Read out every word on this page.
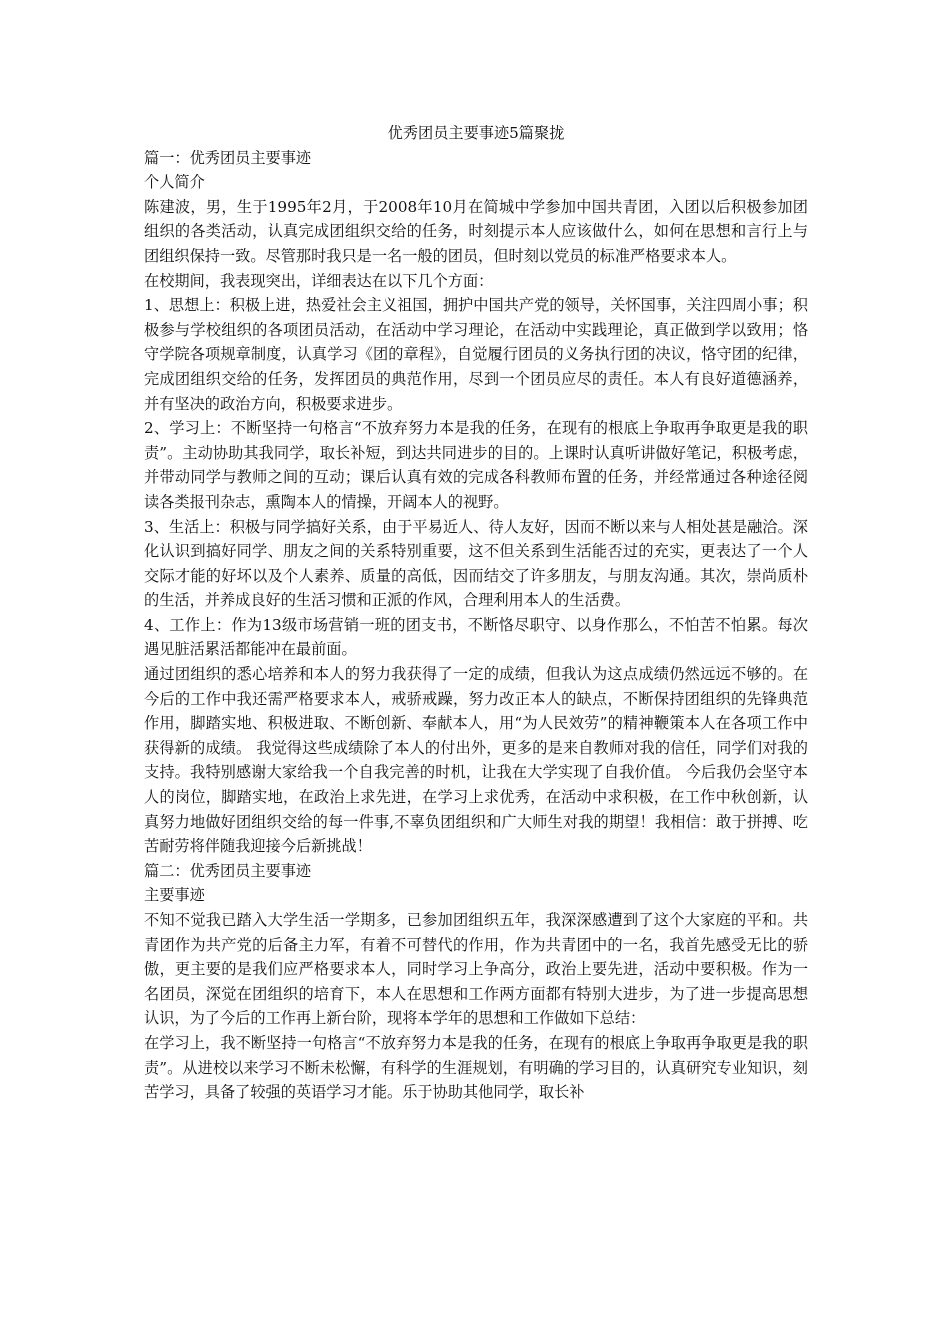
优秀团员主要事迹5篇聚拢

篇一：优秀团员主要事迹

个人简介

陈建波，男，生于1995年2月，于2008年10月在简城中学参加中国共青团，入团以后积极参加团组织的各类活动，认真完成团组织交给的任务，时刻提示本人应该做什么，如何在思想和言行上与团组织保持一致。尽管那时我只是一名一般的团员，但时刻以党员的标准严格要求本人。

在校期间，我表现突出，详细表达在以下几个方面：

1、思想上：积极上进，热爱社会主义祖国，拥护中国共产党的领导，关怀国事，关注四周小事；积极参与学校组织的各项团员活动，在活动中学习理论，在活动中实践理论，真正做到学以致用；恪守学院各项规章制度，认真学习《团的章程》，自觉履行团员的义务执行团的决议，恪守团的纪律，完成团组织交给的任务，发挥团员的典范作用，尽到一个团员应尽的责任。本人有良好道德涵养，并有坚决的政治方向，积极要求进步。

2、学习上：不断坚持一句格言“不放弃努力本是我的任务，在现有的根底上争取再争取更是我的职责”。主动协助其我同学，取长补短，到达共同进步的目的。上课时认真听讲做好笔记，积极考虑，并带动同学与教师之间的互动；课后认真有效的完成各科教师布置的任务，并经常通过各种途径阅读各类报刊杂志，熏陶本人的情操，开阔本人的视野。

3、生活上：积极与同学搞好关系，由于平易近人、待人友好，因而不断以来与人相处甚是融洽。深化认识到搞好同学、朋友之间的关系特别重要，这不但关系到生活能否过的充实，更表达了一个人交际才能的好坏以及个人素养、质量的高低，因而结交了许多朋友，与朋友沟通。其次，崇尚质朴的生活，并养成良好的生活习惯和正派的作风，合理利用本人的生活费。

4、工作上：作为13级市场营销一班的团支书，不断恪尽职守、以身作那么，不怕苦不怕累。每次遇见脏活累活都能冲在最前面。

通过团组织的悉心培养和本人的努力我获得了一定的成绩，但我认为这点成绩仍然远远不够的。在今后的工作中我还需严格要求本人，戒骄戒躁，努力改正本人的缺点，不断保持团组织的先锋典范作用，脚踏实地、积极进取、不断创新、奉献本人，用“为人民效劳”的精神鞭策本人在各项工作中获得新的成绩。 我觉得这些成绩除了本人的付出外，更多的是来自教师对我的信任，同学们对我的支持。我特别感谢大家给我一个自我完善的时机，让我在大学实现了自我价值。 今后我仍会坚守本人的岗位，脚踏实地，在政治上求先进，在学习上求优秀，在活动中求积极，在工作中秋创新，认真努力地做好团组织交给的每一件事,不辜负团组织和广大师生对我的期望！我相信：敢于拼搏、吃苦耐劳将伴随我迎接今后新挑战！

篇二：优秀团员主要事迹

主要事迹

不知不觉我已踏入大学生活一学期多，已参加团组织五年，我深深感遭到了这个大家庭的平和。共青团作为共产党的后备主力军，有着不可替代的作用，作为共青团中的一名，我首先感受无比的骄傲，更主要的是我们应严格要求本人，同时学习上争高分，政治上要先进，活动中要积极。作为一名团员，深觉在团组织的培育下，本人在思想和工作两方面都有特别大进步，为了进一步提高思想认识，为了今后的工作再上新台阶，现将本学年的思想和工作做如下总结：

在学习上，我不断坚持一句格言“不放弃努力本是我的任务，在现有的根底上争取再争取更是我的职责”。从进校以来学习不断未松懈，有科学的生涯规划，有明确的学习目的，认真研究专业知识，刻苦学习，具备了较强的英语学习才能。乐于协助其他同学，取长补
